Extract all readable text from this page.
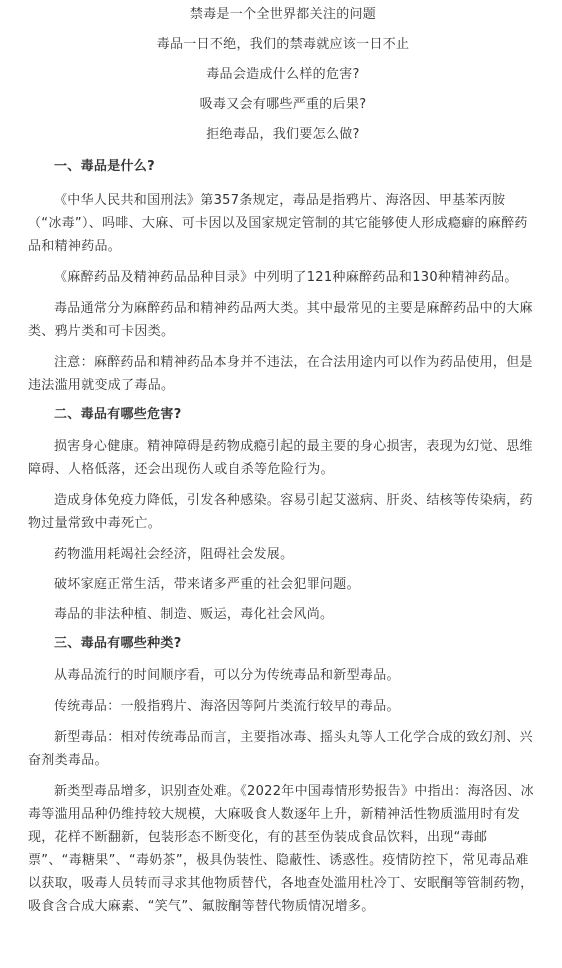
禁毒是一个全世界都关注的问题

毒品一日不绝，我们的禁毒就应该一日不止

毒品会造成什么样的危害?

吸毒又会有哪些严重的后果?

拒绝毒品，我们要怎么做?

一、毒品是什么?

《中华人民共和国刑法》第357条规定，毒品是指鸦片、海洛因、甲基苯丙胺（“冰毒”）、吗啡、大麻、可卡因以及国家规定管制的其它能够使人形成瘾癖的麻醉药品和精神药品。

《麻醉药品及精神药品品种目录》中列明了121种麻醉药品和130种精神药品。

毒品通常分为麻醉药品和精神药品两大类。其中最常见的主要是麻醉药品中的大麻类、鸦片类和可卡因类。

注意：麻醉药品和精神药品本身并不违法，在合法用途内可以作为药品使用，但是违法滥用就变成了毒品。

二、毒品有哪些危害?

损害身心健康。精神障碍是药物成瘾引起的最主要的身心损害，表现为幻觉、思维障碍、人格低落，还会出现伤人或自杀等危险行为。

造成身体免疫力降低，引发各种感染。容易引起艾滋病、肝炎、结核等传染病，药物过量常致中毒死亡。

药物滥用耗竭社会经济，阻碍社会发展。

破坏家庭正常生活，带来诸多严重的社会犯罪问题。

毒品的非法种植、制造、贩运，毒化社会风尚。

三、毒品有哪些种类?

从毒品流行的时间顺序看，可以分为传统毒品和新型毒品。

传统毒品：一般指鸦片、海洛因等阿片类流行较早的毒品。

新型毒品：相对传统毒品而言，主要指冰毒、摇头丸等人工化学合成的致幻剂、兴奋剂类毒品。

新类型毒品增多，识别查处难。《2022年中国毒情形势报告》中指出：海洛因、冰毒等滥用品种仍维持较大规模，大麻吸食人数逐年上升，新精神活性物质滥用时有发现，花样不断翻新，包装形态不断变化，有的甚至伪装成食品饮料，出现“毒邮票”、“毒糖果”、“毒奶茶”，极具伪装性、隐蔽性、诱惑性。疫情防控下，常见毒品难以获取，吸毒人员转而寻求其他物质替代，各地查处滥用杜冷丁、安眠酮等管制药物，吸食含合成大麻素、“笑气”、氟胺酮等替代物质情况增多。
